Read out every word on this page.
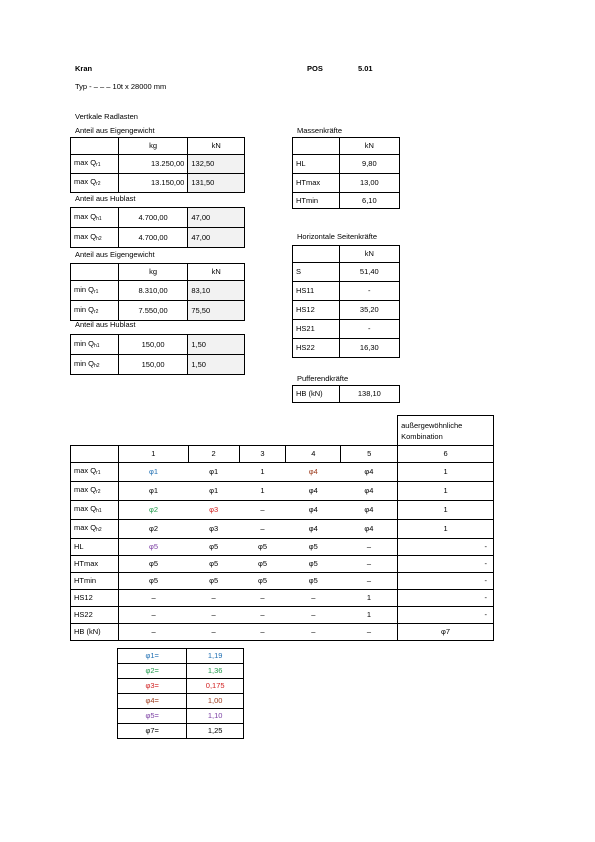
Kran	POS	5.01
Typ - – – – 10t x 28000 mm
Vertkale Radlasten
Anteil aus Eigengewicht
	kg	kN
$\max Q_{r1}$	13.250,00	132,50
$\max Q_{r2}$	13.150,00	131,50
Anteil aus Hublast
$\max Q_{h1}$	4.700,00	47,00
$\max Q_{h2}$	4.700,00	47,00
Anteil aus Eigengewicht
	kg	kN
$\min Q_{r1}$	8.310,00	83,10
$\min Q_{r2}$	7.550,00	75,50
Anteil aus Hublast
$\min Q_{h1}$	150,00	1,50
$\min Q_{h2}$	150,00	1,50
Massenkräfte
	kN
HL	9,80
HTmax	13,00
HTmin	6,10
Horizontale Seitenkräfte
	kN
S	51,40
HS11	-
HS12	35,20
HS21	-
HS22	16,30
Pufferendkräfte
HB (kN)	138,10
						außergewöhnliche Kombination
	1	2	3	4	5	6
$\max Q_{r1}$	φ1	φ1	1	φ4	φ4	1
$\max Q_{r2}$	φ1	φ1	1	φ4	φ4	1
$\max Q_{h1}$	φ2	φ3	–	φ4	φ4	1
$\max Q_{h2}$	φ2	φ3	–	φ4	φ4	1
HL	φ5	φ5	φ5	φ5	–	-
HTmax	φ5	φ5	φ5	φ5	–	-
HTmin	φ5	φ5	φ5	φ5	–	-
HS12	–	–	–	–	1	-
HS22	–	–	–	–	1	-
HB (kN)	–	–	–	–	–	φ7
φ1=	1,19
φ2=	1,36
φ3=	0,175
φ4=	1,00
φ5=	1,10
φ7=	1,25
